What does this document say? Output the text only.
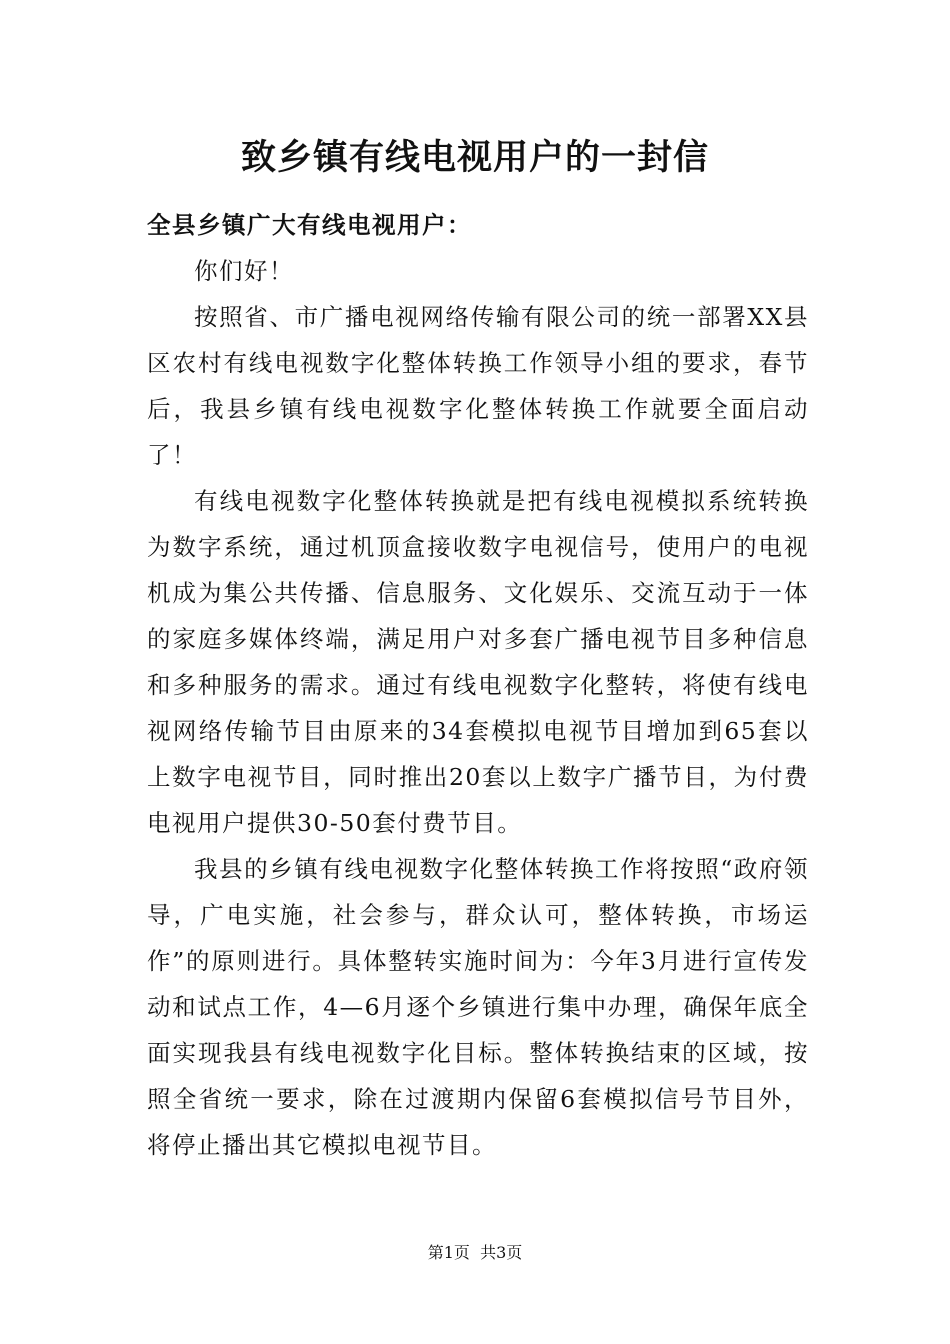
致乡镇有线电视用户的一封信

全县乡镇广大有线电视用户：

你们好！

按照省、市广播电视网络传输有限公司的统一部署XX县区农村有线电视数字化整体转换工作领导小组的要求，春节后，我县乡镇有线电视数字化整体转换工作就要全面启动了！

有线电视数字化整体转换就是把有线电视模拟系统转换为数字系统，通过机顶盒接收数字电视信号，使用户的电视机成为集公共传播、信息服务、文化娱乐、交流互动于一体的家庭多媒体终端，满足用户对多套广播电视节目多种信息和多种服务的需求。通过有线电视数字化整转，将使有线电视网络传输节目由原来的34套模拟电视节目增加到65套以上数字电视节目，同时推出20套以上数字广播节目，为付费电视用户提供30-50套付费节目。

我县的乡镇有线电视数字化整体转换工作将按照“政府领导，广电实施，社会参与，群众认可，整体转换，市场运作”的原则进行。具体整转实施时间为：今年3月进行宣传发动和试点工作，4—6月逐个乡镇进行集中办理，确保年底全面实现我县有线电视数字化目标。整体转换结束的区域，按照全省统一要求，除在过渡期内保留6套模拟信号节目外，将停止播出其它模拟电视节目。

第1页  共3页
